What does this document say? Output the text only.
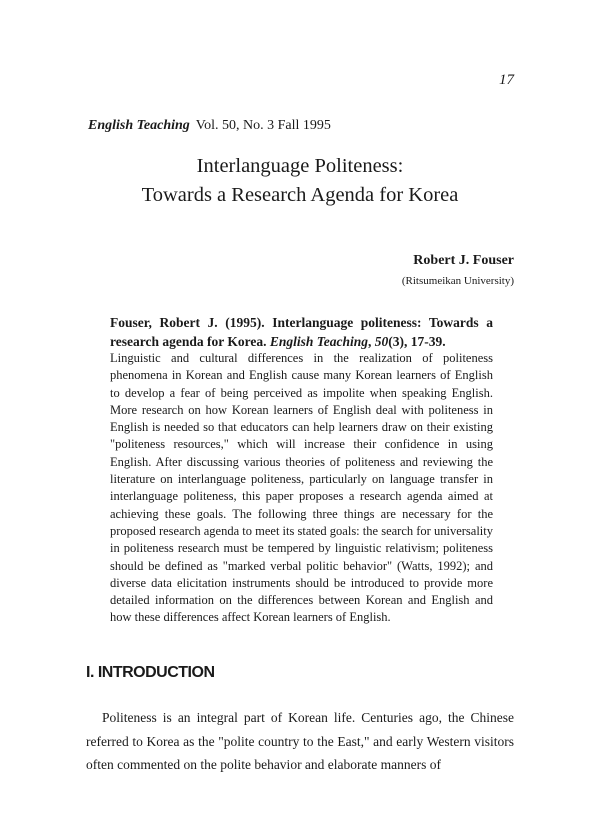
17
English Teaching Vol. 50, No. 3 Fall 1995
Interlanguage Politeness:
Towards a Research Agenda for Korea
Robert J. Fouser
(Ritsumeikan University)
Fouser, Robert J. (1995). Interlanguage politeness: Towards a research agenda for Korea. English Teaching, 50(3), 17-39.

Linguistic and cultural differences in the realization of politeness phenomena in Korean and English cause many Korean learners of English to develop a fear of being perceived as impolite when speaking English. More research on how Korean learners of English deal with politeness in English is needed so that educators can help learners draw on their existing "politeness resources," which will increase their confidence in using English. After discussing various theories of politeness and reviewing the literature on interlanguage politeness, particularly on language transfer in interlanguage politeness, this paper proposes a research agenda aimed at achieving these goals. The following three things are necessary for the proposed research agenda to meet its stated goals: the search for universality in politeness research must be tempered by linguistic relativism; politeness should be defined as "marked verbal politic behavior" (Watts, 1992); and diverse data elicitation instruments should be introduced to provide more detailed information on the differences between Korean and English and how these differences affect Korean learners of English.

I. INTRODUCTION

Politeness is an integral part of Korean life. Centuries ago, the Chinese referred to Korea as the "polite country to the East," and early Western visitors often commented on the polite behavior and elaborate manners of
